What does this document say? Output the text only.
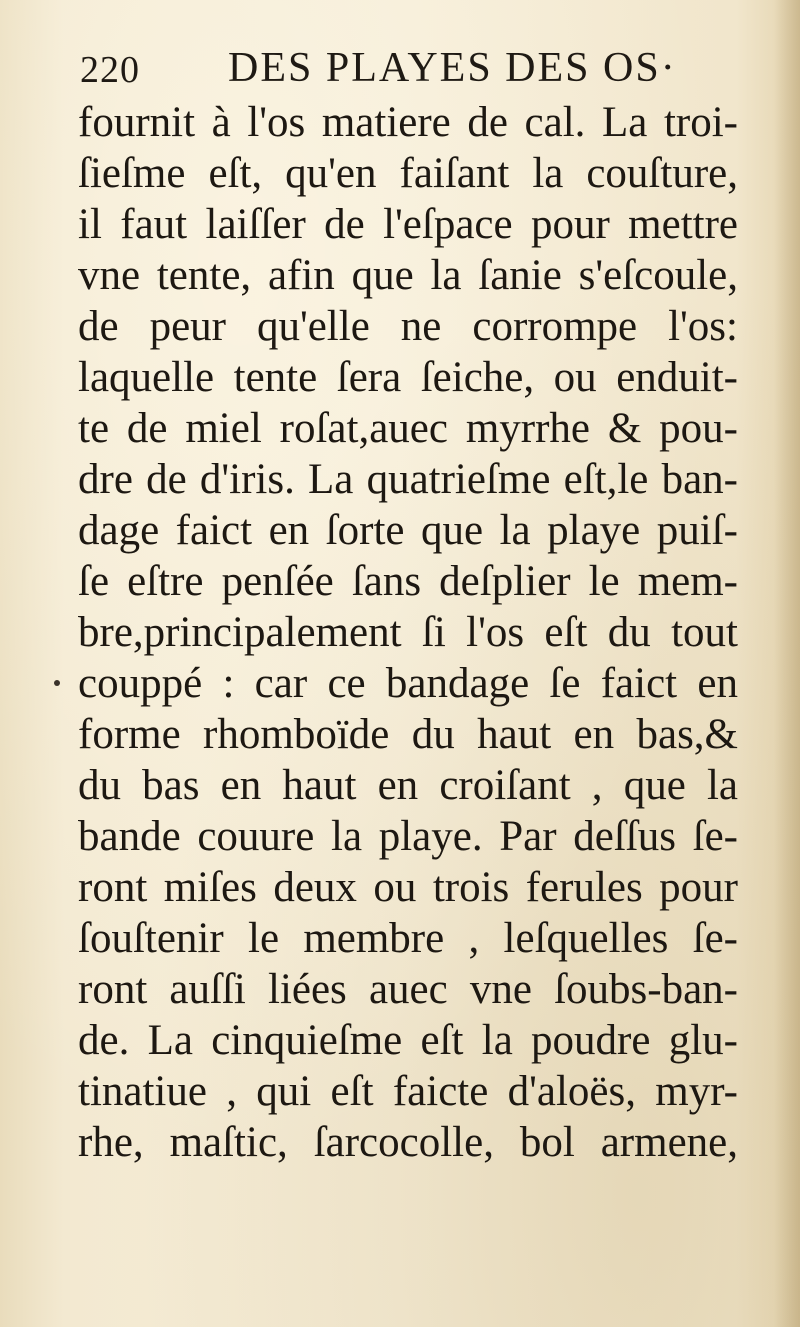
220 DES PLAYES DES OS·
fournit à l'os matiere de cal. La troi-
ſieſme eſt, qu'en faiſant la couſture,
il faut laiſſer de l'eſpace pour mettre
vne tente, afin que la ſanie s'eſcoule,
de peur qu'elle ne corrompe l'os:
laquelle tente ſera ſeiche, ou enduit-
te de miel roſat,auec myrrhe & pou-
dre de d'iris. La quatrieſme eſt,le ban-
dage faict en ſorte que la playe puiſ-
ſe eſtre penſée ſans deſplier le mem-
bre,principalement ſi l'os eſt du tout
couppé : car ce bandage ſe faict en
forme rhomboïde du haut en bas,&
du bas en haut en croiſant , que la
bande couure la playe. Par deſſus ſe-
ront miſes deux ou trois ferules pour
ſouſtenir le membre , leſquelles ſe-
ront auſſi liées auec vne ſoubs-ban-
de. La cinquieſme eſt la poudre glu-
tinatiue , qui eſt faicte d'aloës, myr-
rhe, maſtic, ſarcocolle, bol armene,
